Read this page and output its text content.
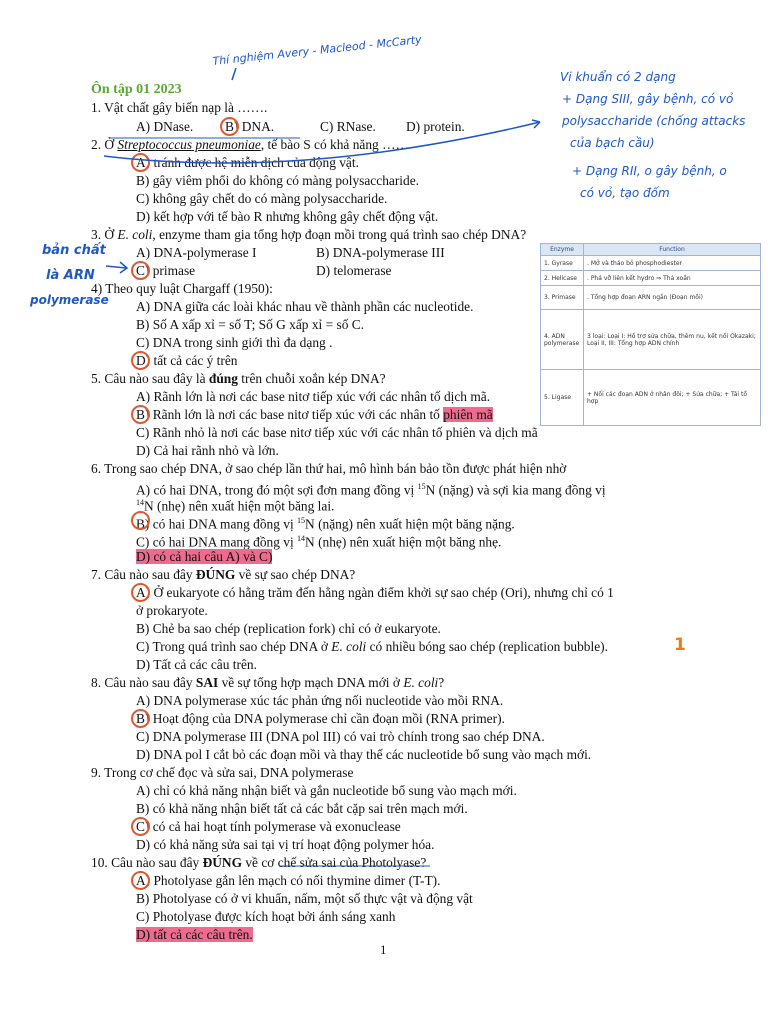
Ôn tập 01 2023
1. Vật chất gây biến nạp là …….
A) DNase. B) DNA.	C) RNase. D) protein.
2. Ở Streptococcus pneumoniae, tế bào S có khả năng ……
A) tránh được hệ miễn dịch của động vật.
B) gây viêm phổi do không có màng polysaccharide.
C) không gây chết do có màng polysaccharide.
D) kết hợp với tế bào R nhưng không gây chết động vật.
3. Ở E. coli, enzyme tham gia tổng hợp đoạn mồi trong quá trình sao chép DNA?
A) DNA-polymerase I	B) DNA-polymerase III
C) primase	D) telomerase
4) Theo quy luật Chargaff (1950):
A) DNA giữa các loài khác nhau về thành phần các nucleotide.
B) Số A xấp xỉ = số T; Số G xấp xỉ = số C.
C) DNA trong sinh giới thì đa dạng .
D) tất cả các ý trên
5. Câu nào sau đây là đúng trên chuỗi xoắn kép DNA?
A) Rãnh lớn là nơi các base nitơ tiếp xúc với các nhân tố dịch mã.
B) Rãnh lớn là nơi các base nitơ tiếp xúc với các nhân tố phiên mã
C) Rãnh nhỏ là nơi các base nitơ tiếp xúc với các nhân tố phiên và dịch mã
D) Cả hai rãnh nhỏ và lớn.
6. Trong sao chép DNA, ở sao chép lần thứ hai, mô hình bán bảo tồn được phát hiện nhờ
A) có hai DNA, trong đó một sợi đơn mang đồng vị $^{15}$N (nặng) và sợi kia mang đồng vị
$^{14}$N (nhẹ) nên xuất hiện một băng lai.
B) có hai DNA mang đồng vị $^{15}$N (nặng) nên xuất hiện một băng nặng.
C) có hai DNA mang đồng vị $^{14}$N (nhẹ) nên xuất hiện một băng nhẹ.
D) có cả hai câu A) và C)
7. Câu nào sau đây ĐÚNG về sự sao chép DNA?
A) Ở eukaryote có hằng trăm đến hằng ngàn điểm khởi sự sao chép (Ori), nhưng chỉ có 1
ở prokaryote.
B) Chẻ ba sao chép (replication fork) chỉ có ở eukaryote.
C) Trong quá trình sao chép DNA ở E. coli có nhiều bóng sao chép (replication bubble).	1
D) Tất cả các câu trên.
8. Câu nào sau đây SAI về sự tổng hợp mạch DNA mới ở E. coli?
A) DNA polymerase xúc tác phản ứng nối nucleotide vào mồi RNA.
B) Hoạt động của DNA polymerase chỉ cần đoạn mồi (RNA primer).
C) DNA polymerase III (DNA pol III) có vai trò chính trong sao chép DNA.
D) DNA pol I cắt bỏ các đoạn mồi và thay thế các nucleotide bổ sung vào mạch mới.
9. Trong cơ chế đọc và sửa sai, DNA polymerase
A) chỉ có khả năng nhận biết và gắn nucleotide bổ sung vào mạch mới.
B) có khả năng nhận biết tất cả các bắt cặp sai trên mạch mới.
C) có cả hai hoạt tính polymerase và exonuclease
D) có khả năng sửa sai tại vị trí hoạt động polymer hóa.
10. Câu nào sau đây ĐÚNG về cơ chế sửa sai của Photolyase?
A) Photolyase gắn lên mạch có nối thymine dimer (T-T).
B) Photolyase có ở vi khuẩn, nấm, một số thực vật và động vật
C) Photolyase được kích hoạt bởi ánh sáng xanh
D) tất cả các câu trên.
1
Thí nghiệm Avery - Macleod - McCarty
Vi khuẩn có 2 dạng
+ Dạng SIII, gây bệnh, có vỏ
polysaccharide (chống attacks
của bạch cầu)
+ Dạng RII, o gây bệnh, o
có vỏ, tạo đốm
bản chất
là ARN
polymerase
Enzyme	Function
1. Gyrase	. Mở và tháo bỏ phosphodiester
2. Helicase	. Phá vỡ liên kết hydro ⇒ Thả xoắn
3. Primase	. Tổng hợp đoạn ARN ngắn (Đoạn mồi)
4. ADN polymerase	3 loại: Loại I: Hồ trợ sửa chữa, thêm nu, kết nối Okazaki; Loại II, III: Tổng hợp ADN chính
5. Ligase	+ Nối các đoạn ADN ở nhân đôi; + Sửa chữa; + Tái tổ hợp
